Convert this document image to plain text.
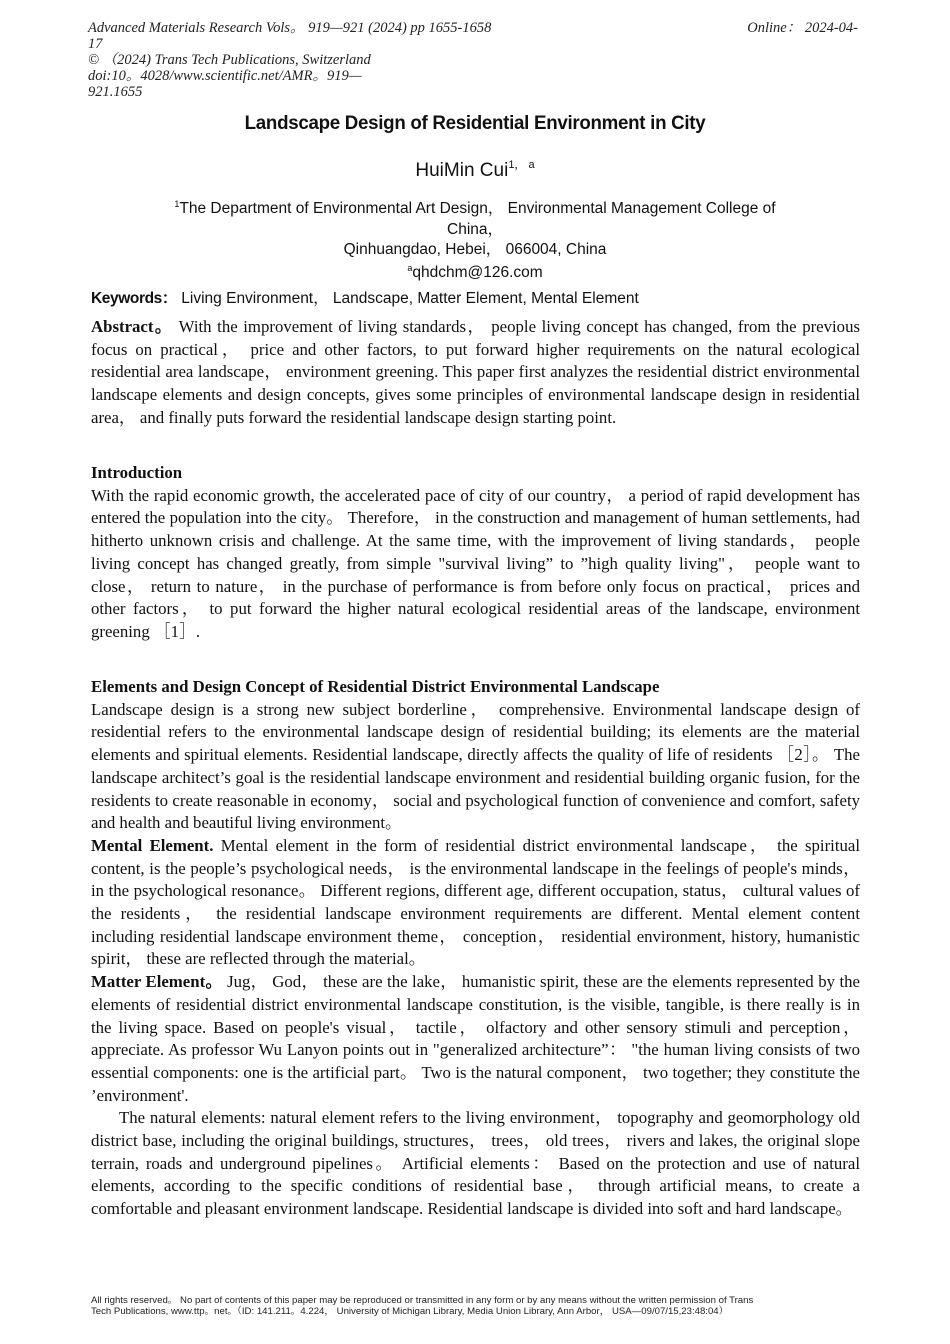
Advanced Materials Research Vols。 919—921 (2024) pp 1655-1658
17
© （2024) Trans Tech Publications, Switzerland
doi:10。4028/www.scientific.net/AMR。919—
921.1655
Online： 2024-04-
Landscape Design of Residential Environment in City
HuiMin Cui$^{1, a}$
$^1$The Department of Environmental Art Design， Environmental Management College of
China，
Qinhuangdao, Hebei， 066004, China
$^a$qhdchm@126.com
Keywords： Living Environment， Landscape, Matter Element, Mental Element

Abstract。 With the improvement of living standards， people living concept has changed, from the previous focus on practical， price and other factors, to put forward higher requirements on the natural ecological residential area landscape， environment greening. This paper first analyzes the residential district environmental landscape elements and design concepts, gives some principles of environmental landscape design in residential area， and finally puts forward the residential landscape design starting point.

Introduction

With the rapid economic growth, the accelerated pace of city of our country， a period of rapid development has entered the population into the city。 Therefore， in the construction and management of human settlements, had hitherto unknown crisis and challenge. At the same time, with the improvement of living standards， people living concept has changed greatly, from simple "survival living” to ”high quality living"， people want to close， return to nature， in the purchase of performance is from before only focus on practical， prices and other factors， to put forward the higher natural ecological residential areas of the landscape, environment greening ［1］.

Elements and Design Concept of Residential District Environmental Landscape

Landscape design is a strong new subject borderline， comprehensive. Environmental landscape design of residential refers to the environmental landscape design of residential building; its elements are the material elements and spiritual elements. Residential landscape, directly affects the quality of life of residents ［2］。 The landscape architect’s goal is the residential landscape environment and residential building organic fusion, for the residents to create reasonable in economy， social and psychological function of convenience and comfort, safety and health and beautiful living environment。

Mental Element. Mental element in the form of residential district environmental landscape， the spiritual content, is the people’s psychological needs， is the environmental landscape in the feelings of people's minds， in the psychological resonance。 Different regions, different age, different occupation, status， cultural values of the residents， the residential landscape environment requirements are different. Mental element content including residential landscape environment theme， conception， residential environment, history, humanistic spirit， these are reflected through the material。

Matter Element。 Jug， God， these are the lake， humanistic spirit, these are the elements represented by the elements of residential district environmental landscape constitution, is the visible, tangible, is there really is in the living space. Based on people's visual， tactile， olfactory and other sensory stimuli and perception， appreciate. As professor Wu Lanyon points out in "generalized architecture”： "the human living consists of two essential components: one is the artificial part。 Two is the natural component， two together; they constitute the ’environment'.

The natural elements: natural element refers to the living environment， topography and geomorphology old district base, including the original buildings, structures， trees， old trees， rivers and lakes, the original slope terrain, roads and underground pipelines。 Artificial elements： Based on the protection and use of natural elements, according to the specific conditions of residential base， through artificial means, to create a comfortable and pleasant environment landscape. Residential landscape is divided into soft and hard landscape。

All rights reserved。 No part of contents of this paper may be reproduced or transmitted in any form or by any means without the written permission of Trans
Tech Publications, www.ttp。net。（ID: 141.211。4.224， University of Michigan Library, Media Union Library, Ann Arbor， USA—09/07/15,23:48:04）
